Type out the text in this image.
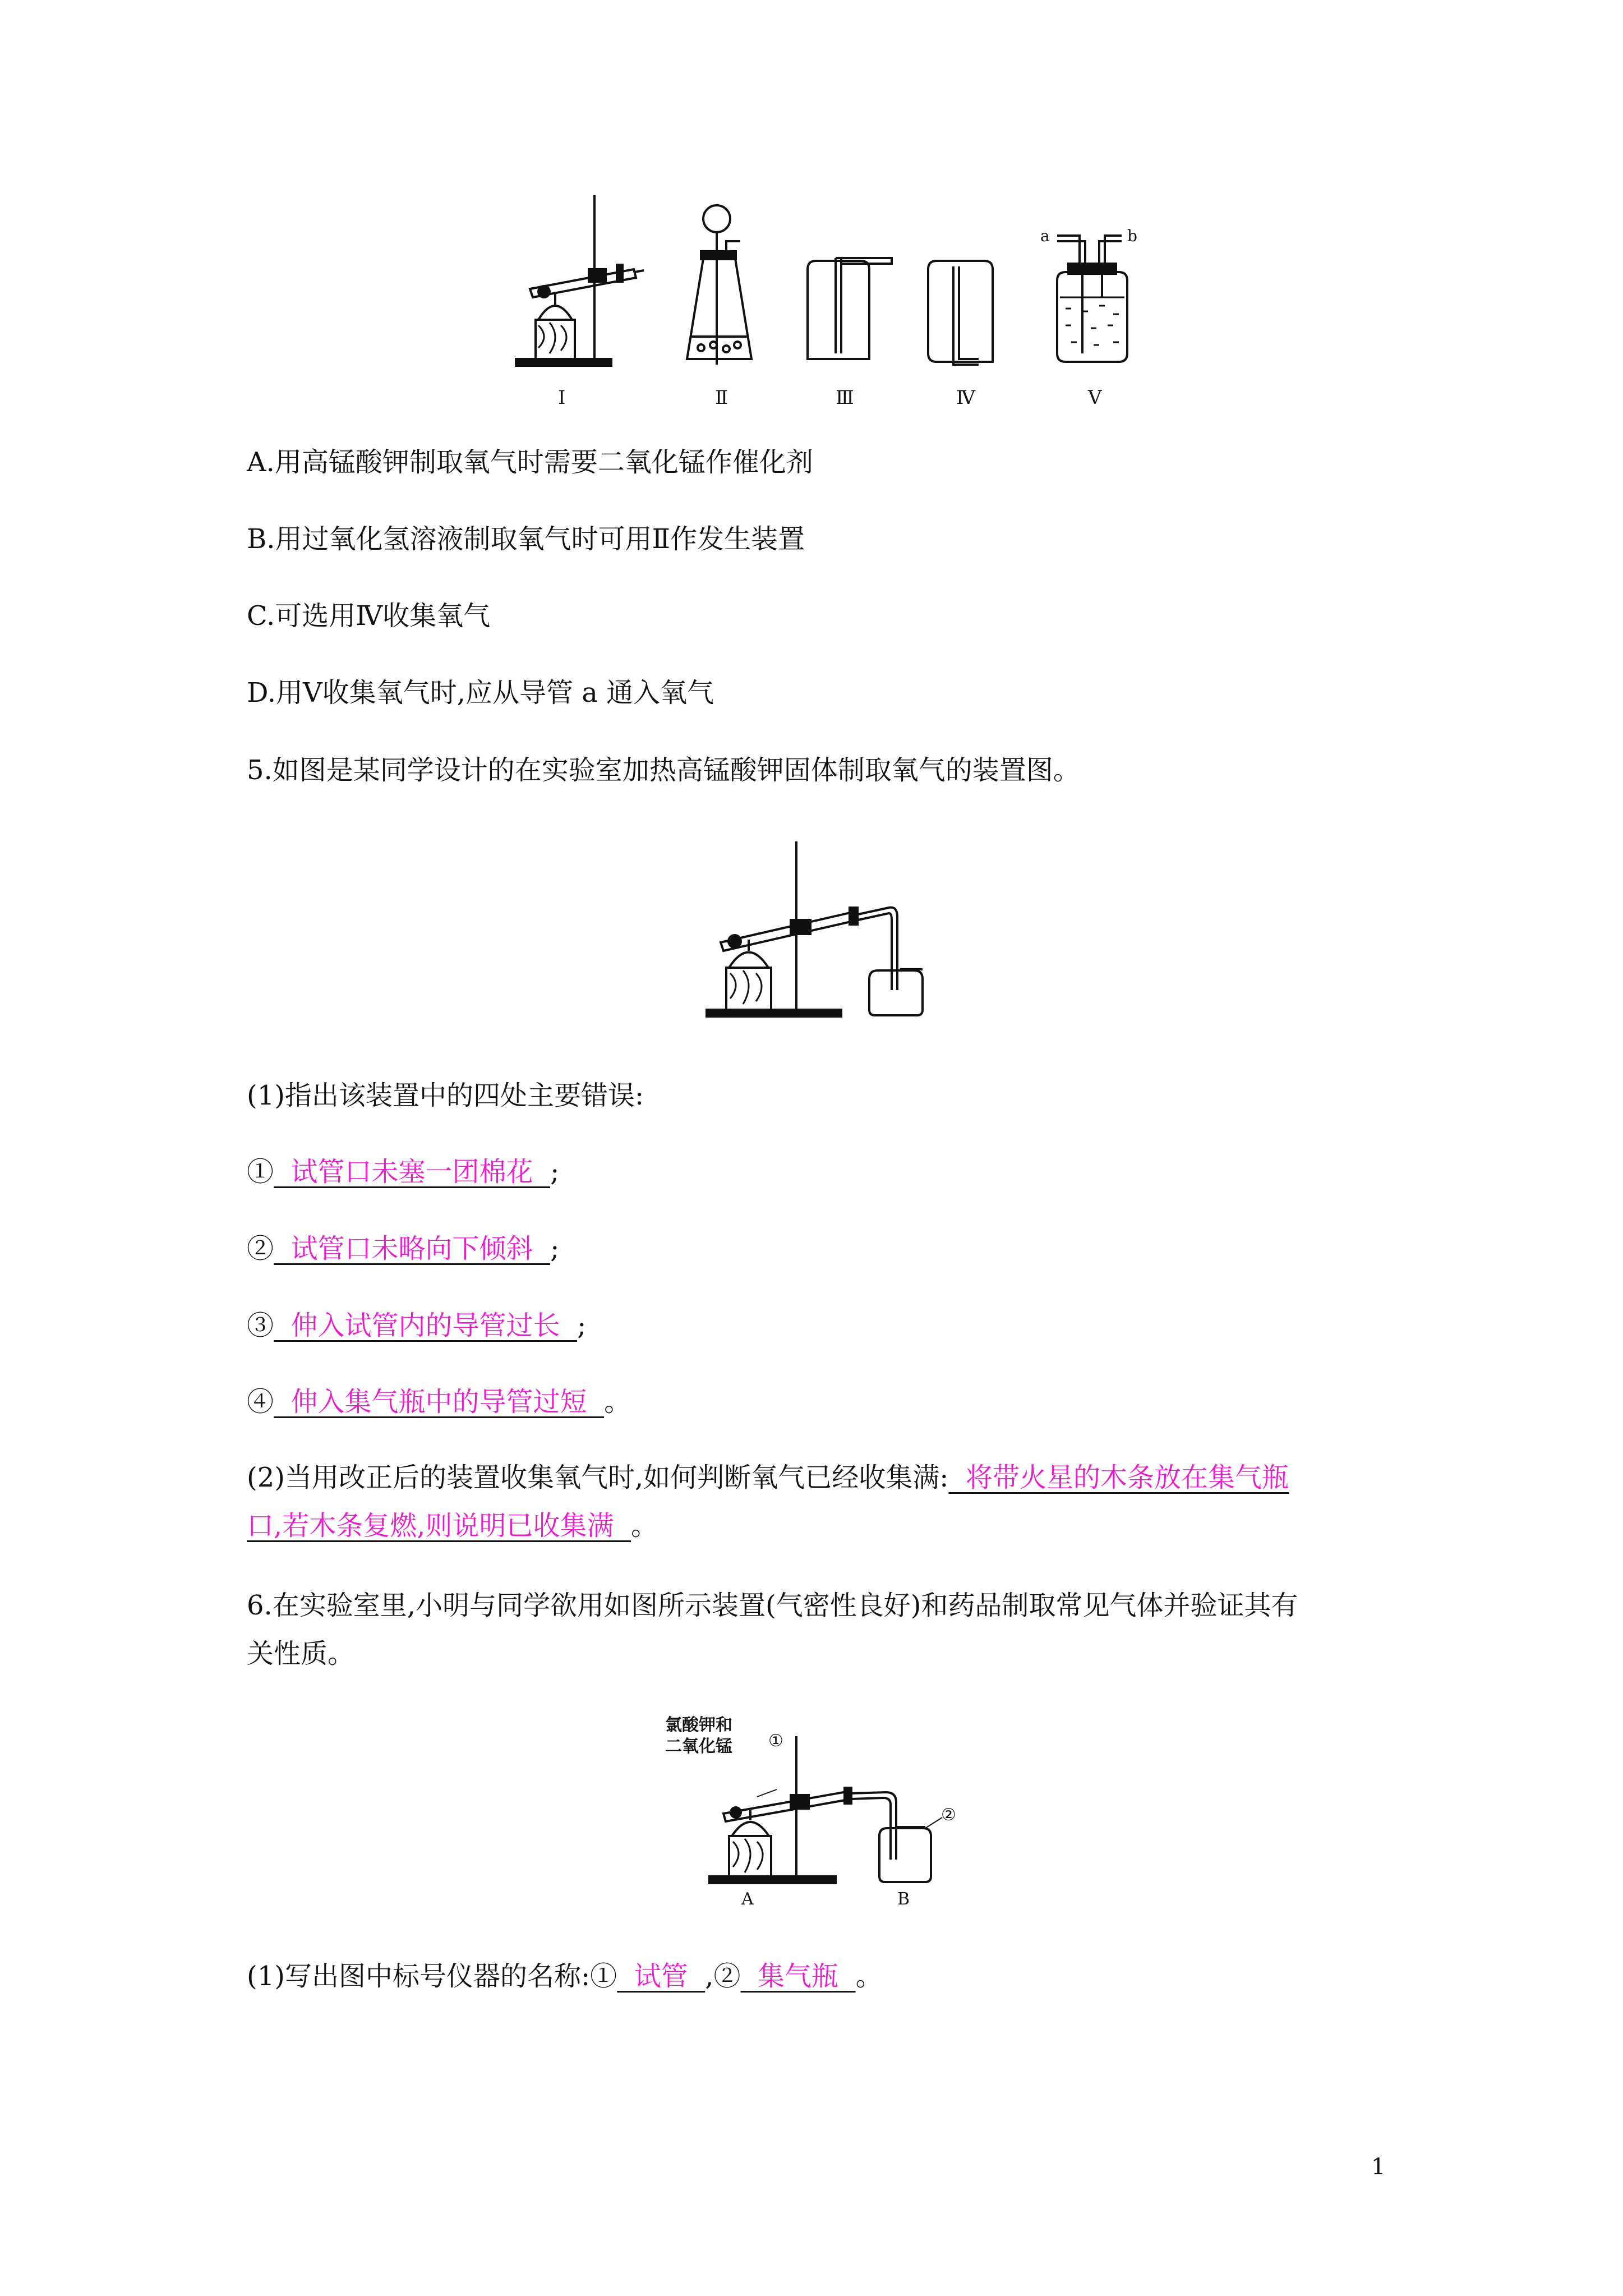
Ⅰ	Ⅱ	Ⅲ	Ⅳ	Ⅴ
a	b
A.用高锰酸钾制取氧气时需要二氧化锰作催化剂
B.用过氧化氢溶液制取氧气时可用Ⅱ作发生装置
C.可选用Ⅳ收集氧气
D.用Ⅴ收集氧气时,应从导管 a 通入氧气
5.如图是某同学设计的在实验室加热高锰酸钾固体制取氧气的装置图。
(1)指出该装置中的四处主要错误:
①  试管口未塞一团棉花  ;
②  试管口未略向下倾斜  ;
③  伸入试管内的导管过长  ;
④  伸入集气瓶中的导管过短  。
(2)当用改正后的装置收集氧气时,如何判断氧气已经收集满:  将带火星的木条放在集气瓶
口,若木条复燃,则说明已收集满  。
6.在实验室里,小明与同学欲用如图所示装置(气密性良好)和药品制取常见气体并验证其有
关性质。
氯酸钾和
二氧化锰 ①
②
A	B
(1)写出图中标号仪器的名称:①  试管  ,②  集气瓶  。
1
